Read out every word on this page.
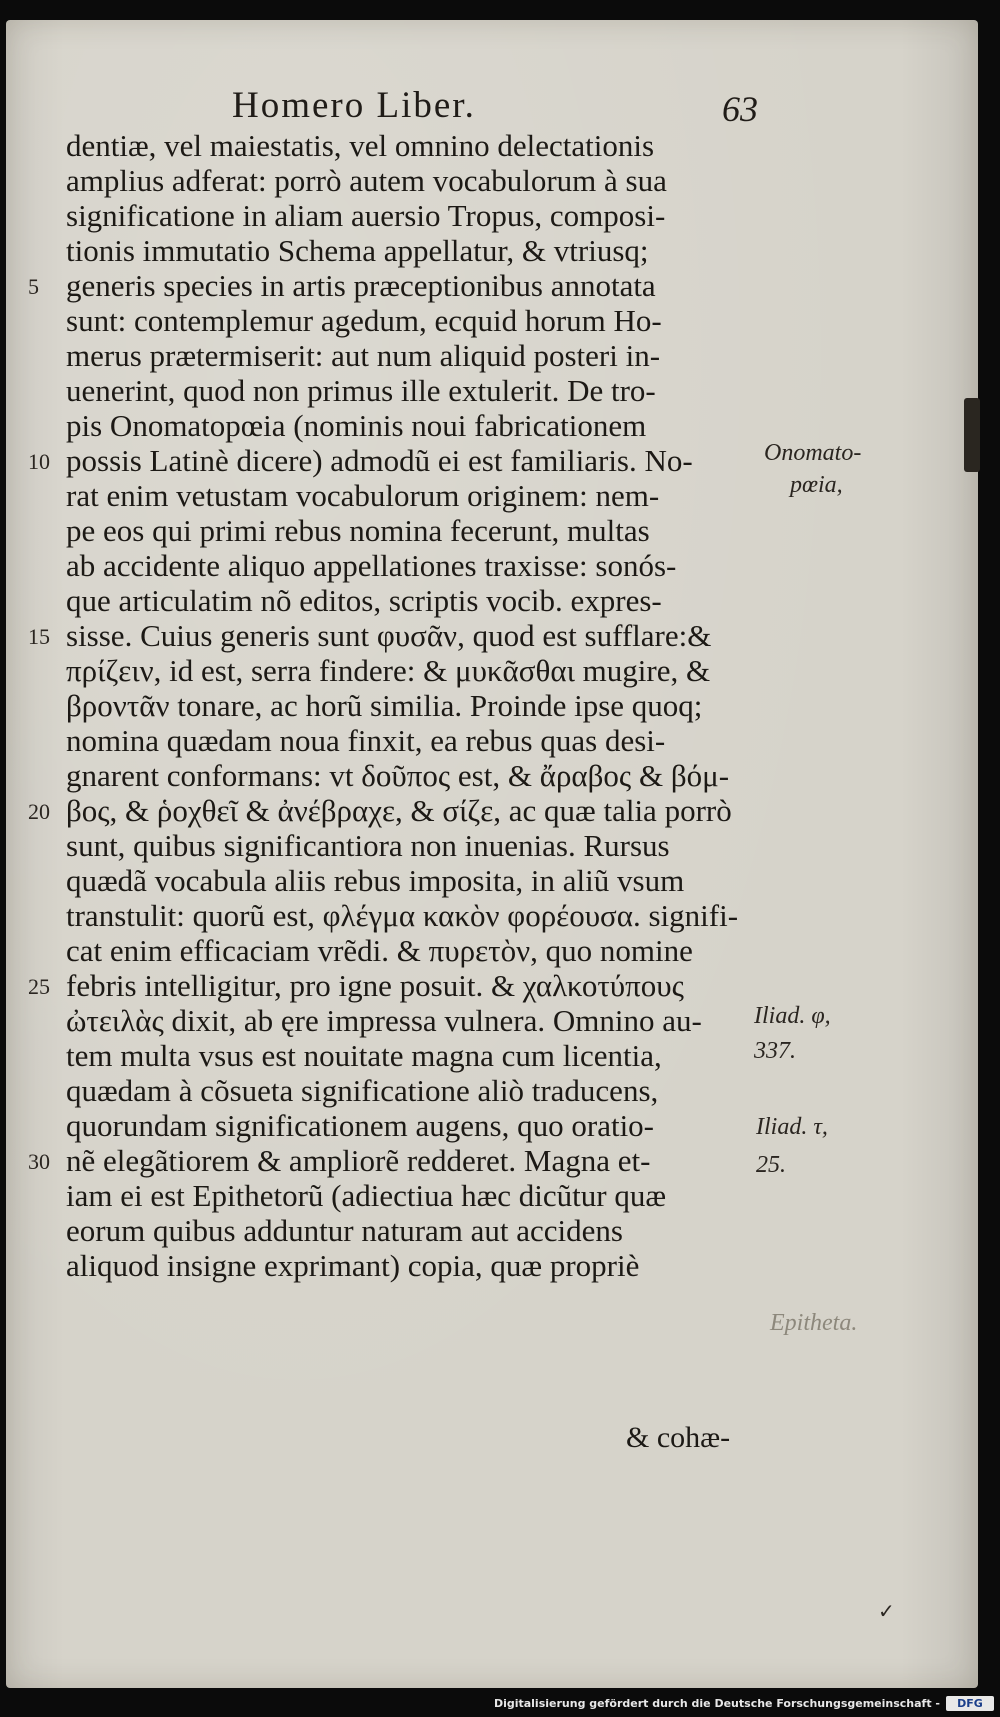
Homero Liber.	63
dentiæ, vel maiestatis, vel omnino delectationis
amplius adferat: porrò autem vocabulorum à sua
significatione in aliam auersio Tropus, composi-
tionis immutatio Schema appellatur, & vtriusq;
generis species in artis præceptionibus annotata
sunt: contemplemur agedum, ecquid horum Ho-
merus prætermiserit: aut num aliquid posteri in-
uenerint, quod non primus ille extulerit. De tro-
pis Onomatopœia (nominis noui fabricationem
possis Latinè dicere) admodũ ei est familiaris. No-
rat enim vetustam vocabulorum originem: nem-
pe eos qui primi rebus nomina fecerunt, multas
ab accidente aliquo appellationes traxisse: sonós-
que articulatim nõ editos, scriptis vocib. expres-
sisse. Cuius generis sunt φυσᾶν, quod est sufflare:&
πρίζειν, id est, serra findere: & μυκᾶσθαι mugire, &
βροντᾶν tonare, ac horũ similia. Proinde ipse quoq;
nomina quædam noua finxit, ea rebus quas desi-
gnarent conformans: vt δοῦπος est, & ἄραβος & βόμ-
βος, & ῥοχθεῖ & ἀνέβραχε, & σίζε, ac quæ talia porrò
sunt, quibus significantiora non inuenias. Rursus
quædã vocabula aliis rebus imposita, in aliũ vsum
transtulit: quorũ est, φλέγμα κακὸν φορέουσα. signifi-
cat enim efficaciam vrẽdi. & πυρετὸν, quo nomine
febris intelligitur, pro igne posuit. & χαλκοτύπους
ὠτειλὰς dixit, ab ęre impressa vulnera. Omnino au-
tem multa vsus est nouitate magna cum licentia,
quædam à cõsueta significatione aliò traducens,
quorundam significationem augens, quo oratio-
nẽ elegãtiorem & ampliorẽ redderet. Magna et-
iam ei est Epithetorũ (adiectiua hæc dicũtur quæ
eorum quibus adduntur naturam aut accidens
aliquod insigne exprimant) copia, quæ propriè
& cohæ-
5
10
15
20
25
30
Onomato-
pœia,
Iliad. φ,
337.
Iliad. τ,
25.
Epitheta.
✓
Digitalisierung gefördert durch die Deutsche Forschungsgemeinschaft -	DFG
